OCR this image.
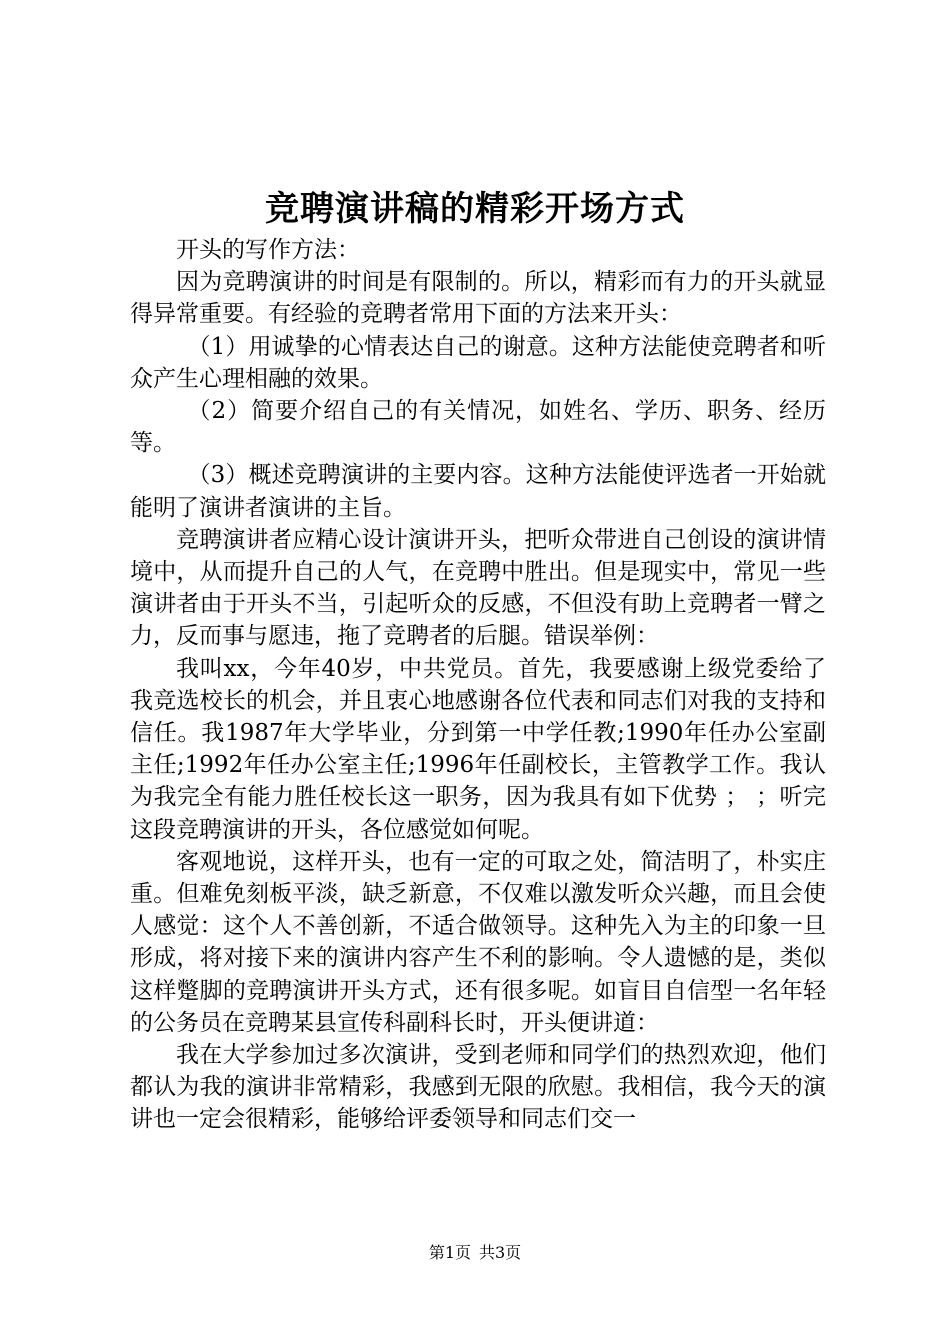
竞聘演讲稿的精彩开场方式

开头的写作方法：

因为竞聘演讲的时间是有限制的。所以，精彩而有力的开头就显得异常重要。有经验的竞聘者常用下面的方法来开头：

（1）用诚挚的心情表达自己的谢意。这种方法能使竞聘者和听众产生心理相融的效果。

（2）简要介绍自己的有关情况，如姓名、学历、职务、经历等。

（3）概述竞聘演讲的主要内容。这种方法能使评选者一开始就能明了演讲者演讲的主旨。

竞聘演讲者应精心设计演讲开头，把听众带进自己创设的演讲情境中，从而提升自己的人气，在竞聘中胜出。但是现实中，常见一些演讲者由于开头不当，引起听众的反感，不但没有助上竞聘者一臂之力，反而事与愿违，拖了竞聘者的后腿。错误举例：

我叫xx，今年40岁，中共党员。首先，我要感谢上级党委给了我竞选校长的机会，并且衷心地感谢各位代表和同志们对我的支持和信任。我1987年大学毕业，分到第一中学任教;1990年任办公室副主任;1992年任办公室主任;1996年任副校长，主管教学工作。我认为我完全有能力胜任校长这一职务，因为我具有如下优势 ； ；听完这段竞聘演讲的开头，各位感觉如何呢。

客观地说，这样开头，也有一定的可取之处，简洁明了，朴实庄重。但难免刻板平淡，缺乏新意，不仅难以激发听众兴趣，而且会使人感觉：这个人不善创新，不适合做领导。这种先入为主的印象一旦形成，将对接下来的演讲内容产生不利的影响。令人遗憾的是，类似这样蹩脚的竞聘演讲开头方式，还有很多呢。如盲目自信型一名年轻的公务员在竞聘某县宣传科副科长时，开头便讲道：

我在大学参加过多次演讲，受到老师和同学们的热烈欢迎，他们都认为我的演讲非常精彩，我感到无限的欣慰。我相信，我今天的演讲也一定会很精彩，能够给评委领导和同志们交一

第1页 共3页
